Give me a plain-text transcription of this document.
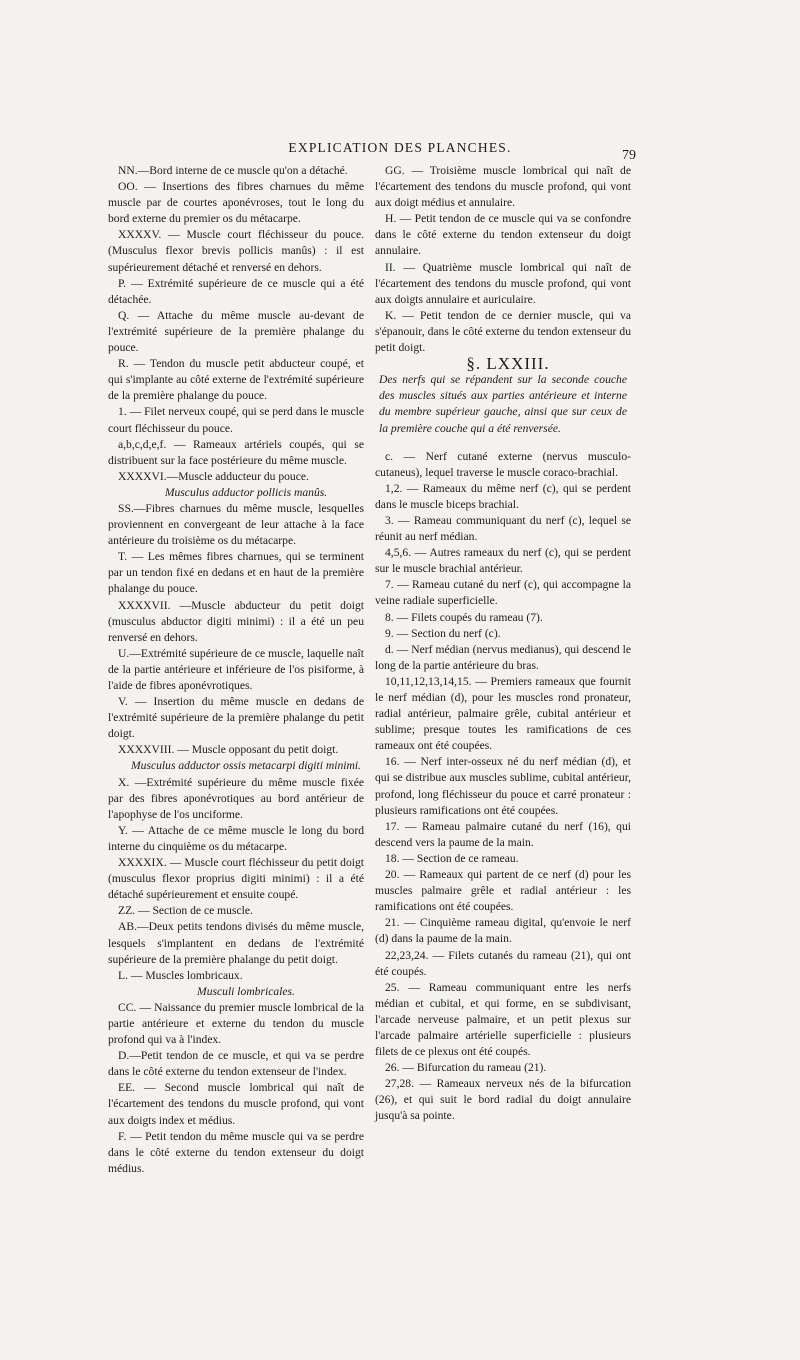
EXPLICATION DES PLANCHES.
79

NN.—Bord interne de ce muscle qu'on a détaché.

OO. — Insertions des fibres charnues du même muscle par de courtes aponévroses, tout le long du bord externe du premier os du métacarpe.

XXXXV. — Muscle court fléchisseur du pouce. (Musculus flexor brevis pollicis manûs) : il est supérieurement détaché et renversé en dehors.

P. — Extrémité supérieure de ce muscle qui a été détachée.

Q. — Attache du même muscle au-devant de l'extrémité supérieure de la première phalange du pouce.

R. — Tendon du muscle petit abducteur coupé, et qui s'implante au côté externe de l'extrémité supérieure de la première phalange du pouce.

1. — Filet nerveux coupé, qui se perd dans le muscle court fléchisseur du pouce.

a,b,c,d,e,f. — Rameaux artériels coupés, qui se distribuent sur la face postérieure du même muscle.

XXXXVI.—Muscle adducteur du pouce.

Musculus adductor pollicis manûs.

SS.—Fibres charnues du même muscle, lesquelles proviennent en convergeant de leur attache à la face antérieure du troisième os du métacarpe.

T. — Les mêmes fibres charnues, qui se terminent par un tendon fixé en dedans et en haut de la première phalange du pouce.

XXXXVII. —Muscle abducteur du petit doigt (musculus abductor digiti minimi) : il a été un peu renversé en dehors.

U.—Extrémité supérieure de ce muscle, laquelle naît de la partie antérieure et inférieure de l'os pisiforme, à l'aide de fibres aponévrotiques.

V. — Insertion du même muscle en dedans de l'extrémité supérieure de la première phalange du petit doigt.

XXXXVIII. — Muscle opposant du petit doigt.

Musculus adductor ossis metacarpi digiti minimi.

X. —Extrémité supérieure du même muscle fixée par des fibres aponévrotiques au bord antérieur de l'apophyse de l'os unciforme.

Y. — Attache de ce même muscle le long du bord interne du cinquième os du métacarpe.

XXXXIX. — Muscle court fléchisseur du petit doigt (musculus flexor proprius digiti minimi) : il a été détaché supérieurement et ensuite coupé.

ZZ. — Section de ce muscle.

AB.—Deux petits tendons divisés du même muscle, lesquels s'implantent en dedans de l'extrémité supérieure de la première phalange du petit doigt.

L. — Muscles lombricaux.

Musculi lombricales.

CC. — Naissance du premier muscle lombrical de la partie antérieure et externe du tendon du muscle profond qui va à l'index.

D.—Petit tendon de ce muscle, et qui va se perdre dans le côté externe du tendon extenseur de l'index.

EE. — Second muscle lombrical qui naît de l'écartement des tendons du muscle profond, qui vont aux doigts index et médius.

F. — Petit tendon du même muscle qui va se perdre dans le côté externe du tendon extenseur du doigt médius.

GG. — Troisième muscle lombrical qui naît de l'écartement des tendons du muscle profond, qui vont aux doigt médius et annulaire.

H. — Petit tendon de ce muscle qui va se confondre dans le côté externe du tendon extenseur du doigt annulaire.

II. — Quatrième muscle lombrical qui naît de l'écartement des tendons du muscle profond, qui vont aux doigts annulaire et auriculaire.

K. — Petit tendon de ce dernier muscle, qui va s'épanouir, dans le côté externe du tendon extenseur du petit doigt.

§. LXXIII.

Des nerfs qui se répandent sur la seconde couche des muscles situés aux parties antérieure et interne du membre supérieur gauche, ainsi que sur ceux de la première couche qui a été renversée.

c. — Nerf cutané externe (nervus musculo-cutaneus), lequel traverse le muscle coraco-brachial.

1,2. — Rameaux du même nerf (c), qui se perdent dans le muscle biceps brachial.

3. — Rameau communiquant du nerf (c), lequel se réunit au nerf médian.

4,5,6. — Autres rameaux du nerf (c), qui se perdent sur le muscle brachial antérieur.

7. — Rameau cutané du nerf (c), qui accompagne la veine radiale superficielle.

8. — Filets coupés du rameau (7).

9. — Section du nerf (c).

d. — Nerf médian (nervus medianus), qui descend le long de la partie antérieure du bras.

10,11,12,13,14,15. — Premiers rameaux que fournit le nerf médian (d), pour les muscles rond pronateur, radial antérieur, palmaire grêle, cubital antérieur et sublime; presque toutes les ramifications de ces rameaux ont été coupées.

16. — Nerf inter-osseux né du nerf médian (d), et qui se distribue aux muscles sublime, cubital antérieur, profond, long fléchisseur du pouce et carré pronateur : plusieurs ramifications ont été coupées.

17. — Rameau palmaire cutané du nerf (16), qui descend vers la paume de la main.

18. — Section de ce rameau.

20. — Rameaux qui partent de ce nerf (d) pour les muscles palmaire grêle et radial antérieur : les ramifications ont été coupées.

21. — Cinquième rameau digital, qu'envoie le nerf (d) dans la paume de la main.

22,23,24. — Filets cutanés du rameau (21), qui ont été coupés.

25. — Rameau communiquant entre les nerfs médian et cubital, et qui forme, en se subdivisant, l'arcade nerveuse palmaire, et un petit plexus sur l'arcade palmaire artérielle superficielle : plusieurs filets de ce plexus ont été coupés.

26. — Bifurcation du rameau (21).

27,28. — Rameaux nerveux nés de la bifurcation (26), et qui suit le bord radial du doigt annulaire jusqu'à sa pointe.
